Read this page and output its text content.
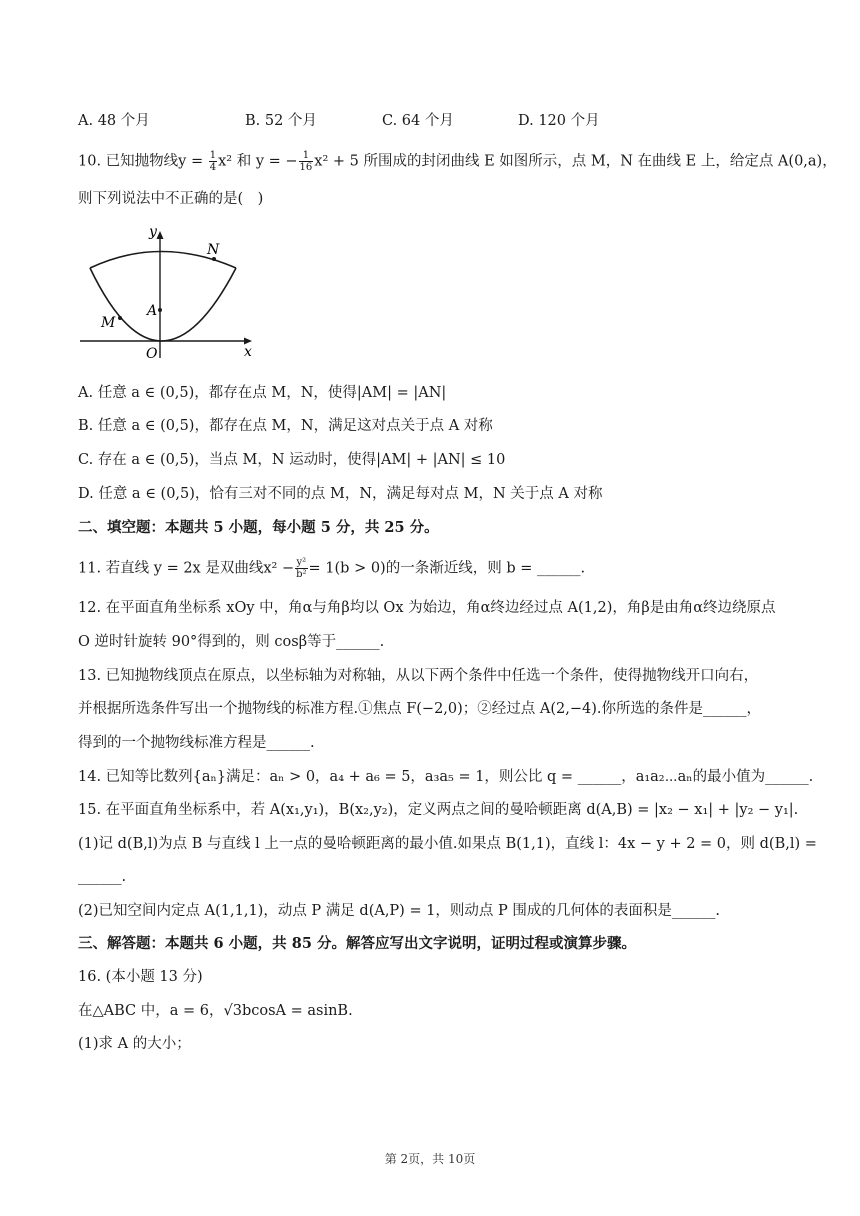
A. 48 个月	B. 52 个月	C. 64 个月	D. 120 个月
10. 已知抛物线$y = \frac{1}{4} x^2$ 和 y = − $\frac{1}{16} x^2 + 5$ 所围成的封闭曲线 E 如图所示，点 M，N 在曲线 E 上，给定点 A(0,a)，
则下列说法中不正确的是(　)
y
x
O
A
M
N
A. 任意 a ∈ (0,5)，都存在点 M，N，使得|AM| = |AN|
B. 任意 a ∈ (0,5)，都存在点 M，N，满足这对点关于点 A 对称
C. 存在 a ∈ (0,5)，当点 M，N 运动时，使得|AM| + |AN| ≤ 10
D. 任意 a ∈ (0,5)，恰有三对不同的点 M，N，满足每对点 M，N 关于点 A 对称
二、填空题：本题共 5 小题，每小题 5 分，共 25 分。
11. 若直线 y = 2x 是双曲线$x^2 - \frac{\text{y²}}{\text{b²}} = 1(b > 0)$的一条渐近线，则 b = ______.
12. 在平面直角坐标系 xOy 中，角α与角β均以 Ox 为始边，角α终边经过点 A(1,2)，角β是由角α终边绕原点
O 逆时针旋转 90°得到的，则 cosβ等于______.
13. 已知抛物线顶点在原点，以坐标轴为对称轴，从以下两个条件中任选一个条件，使得抛物线开口向右，
并根据所选条件写出一个抛物线的标准方程.①焦点 F(−2,0)；②经过点 A(2,−4).你所选的条件是______，
得到的一个抛物线标准方程是______.
14. 已知等比数列{aₙ}满足：aₙ > 0，a₄ + a₆ = 5，a₃a₅ = 1，则公比 q = ______，a₁a₂⋯aₙ的最小值为______.
15. 在平面直角坐标系中，若 A(x₁,y₁)，B(x₂,y₂)，定义两点之间的曼哈顿距离 d(A,B) = |x₂ − x₁| + |y₂ − y₁|.
(1)记 d(B,l)为点 B 与直线 l 上一点的曼哈顿距离的最小值.如果点 B(1,1)，直线 l：4x − y + 2 = 0，则 d(B,l) =
______.
(2)已知空间内定点 A(1,1,1)，动点 P 满足 d(A,P) = 1，则动点 P 围成的几何体的表面积是______.
三、解答题：本题共 6 小题，共 85 分。解答应写出文字说明，证明过程或演算步骤。
16. (本小题 13 分)
在△ABC 中，a = 6，√3bcosA = asinB.
(1)求 A 的大小；
第 2页，共 10页
